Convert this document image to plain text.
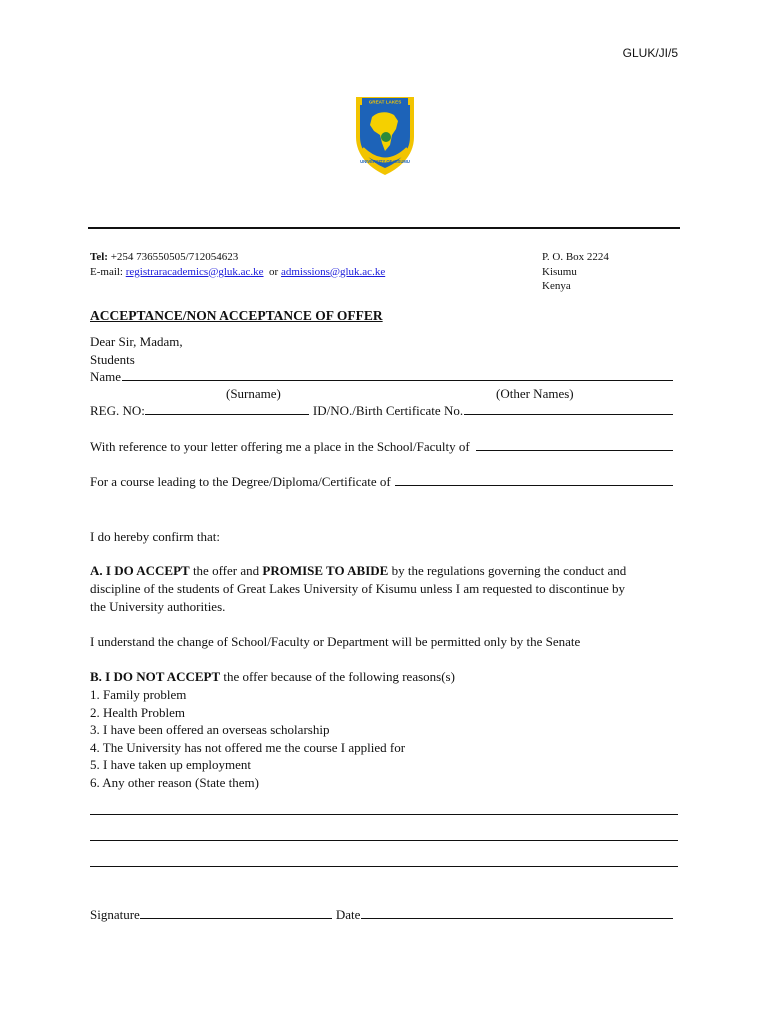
GLUK/JI/5
GREAT LAKES
UNIVERSITY OF KISUMU
Tel: +254 736550505/712054623
E-mail: registraracademics@gluk.ac.ke or admissions@gluk.ac.ke
P. O. Box 2224
Kisumu
Kenya
ACCEPTANCE/NON ACCEPTANCE OF OFFER
Dear Sir, Madam,
Students
Name
(Surname)	(Other Names)
REG. NO:	ID/NO./Birth Certificate No.
With reference to your letter offering me a place in the School/Faculty of
For a course leading to the Degree/Diploma/Certificate of
I do hereby confirm that:
A. I DO ACCEPT the offer and PROMISE TO ABIDE by the regulations governing the conduct and discipline of the students of Great Lakes University of Kisumu unless I am requested to discontinue by the University authorities.
I understand the change of School/Faculty or Department will be permitted only by the Senate
B. I DO NOT ACCEPT the offer because of the following reasons(s)
1. Family problem
2. Health Problem
3. I have been offered an overseas scholarship
4. The University has not offered me the course I applied for
5. I have taken up employment
6. Any other reason (State them)
Signature	Date
